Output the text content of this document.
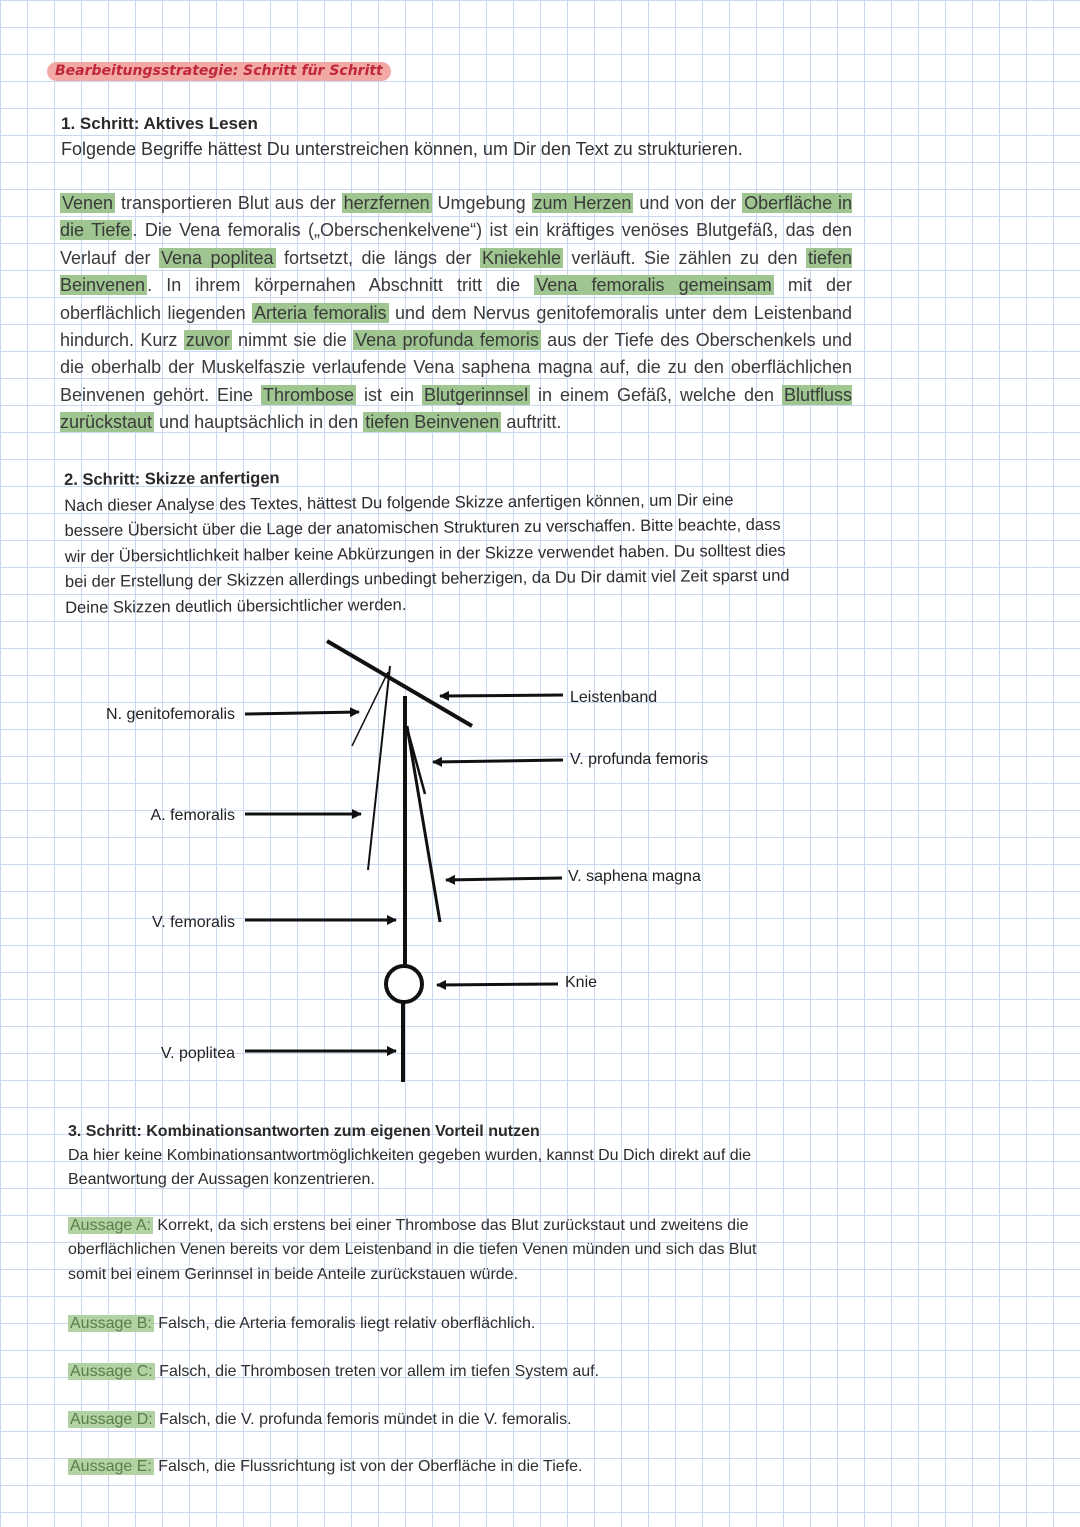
Bearbeitungsstrategie: Schritt für Schritt
1. Schritt: Aktives Lesen
Folgende Begriffe hättest Du unterstreichen können, um Dir den Text zu strukturieren.
Venen transportieren Blut aus der herzfernen Umgebung zum Herzen und von der Oberfläche in die Tiefe . Die Vena femoralis („Oberschenkelvene“) ist ein kräftiges venöses Blutgefäß, das den Verlauf der Vena poplitea fortsetzt, die längs der Kniekehle verläuft. Sie zählen zu den tiefen Beinvenen . In ihrem körpernahen Abschnitt tritt die Vena femoralis gemeinsam mit der oberflächlich liegenden Arteria femoralis und dem Nervus genitofemoralis unter dem Leistenband hindurch. Kurz zuvor nimmt sie die Vena profunda femoris aus der Tiefe des Oberschenkels und die oberhalb der Muskelfaszie verlaufende Vena saphena magna auf, die zu den oberflächlichen Beinvenen gehört. Eine Thrombose ist ein Blutgerinnsel in einem Gefäß, welche den Blutfluss zurückstaut und hauptsächlich in den tiefen Beinvenen auftritt.
2. Schritt: Skizze anfertigen
Nach dieser Analyse des Textes, hättest Du folgende Skizze anfertigen können, um Dir eine bessere Übersicht über die Lage der anatomischen Strukturen zu verschaffen. Bitte beachte, dass wir der Übersichtlichkeit halber keine Abkürzungen in der Skizze verwendet haben. Du solltest dies bei der Erstellung der Skizzen allerdings unbedingt beherzigen, da Du Dir damit viel Zeit sparst und Deine Skizzen deutlich übersichtlicher werden.
N. genitofemoralis
A. femoralis
V. femoralis
V. poplitea
Leistenband
V. profunda femoris
V. saphena magna
Knie
3. Schritt: Kombinationsantworten zum eigenen Vorteil nutzen
Da hier keine Kombinationsantwortmöglichkeiten gegeben wurden, kannst Du Dich direkt auf die Beantwortung der Aussagen konzentrieren.
Aussage A: Korrekt, da sich erstens bei einer Thrombose das Blut zurückstaut und zweitens die oberflächlichen Venen bereits vor dem Leistenband in die tiefen Venen münden und sich das Blut somit bei einem Gerinnsel in beide Anteile zurückstauen würde.
Aussage B: Falsch, die Arteria femoralis liegt relativ oberflächlich.
Aussage C: Falsch, die Thrombosen treten vor allem im tiefen System auf.
Aussage D: Falsch, die V. profunda femoris mündet in die V. femoralis.
Aussage E: Falsch, die Flussrichtung ist von der Oberfläche in die Tiefe.
